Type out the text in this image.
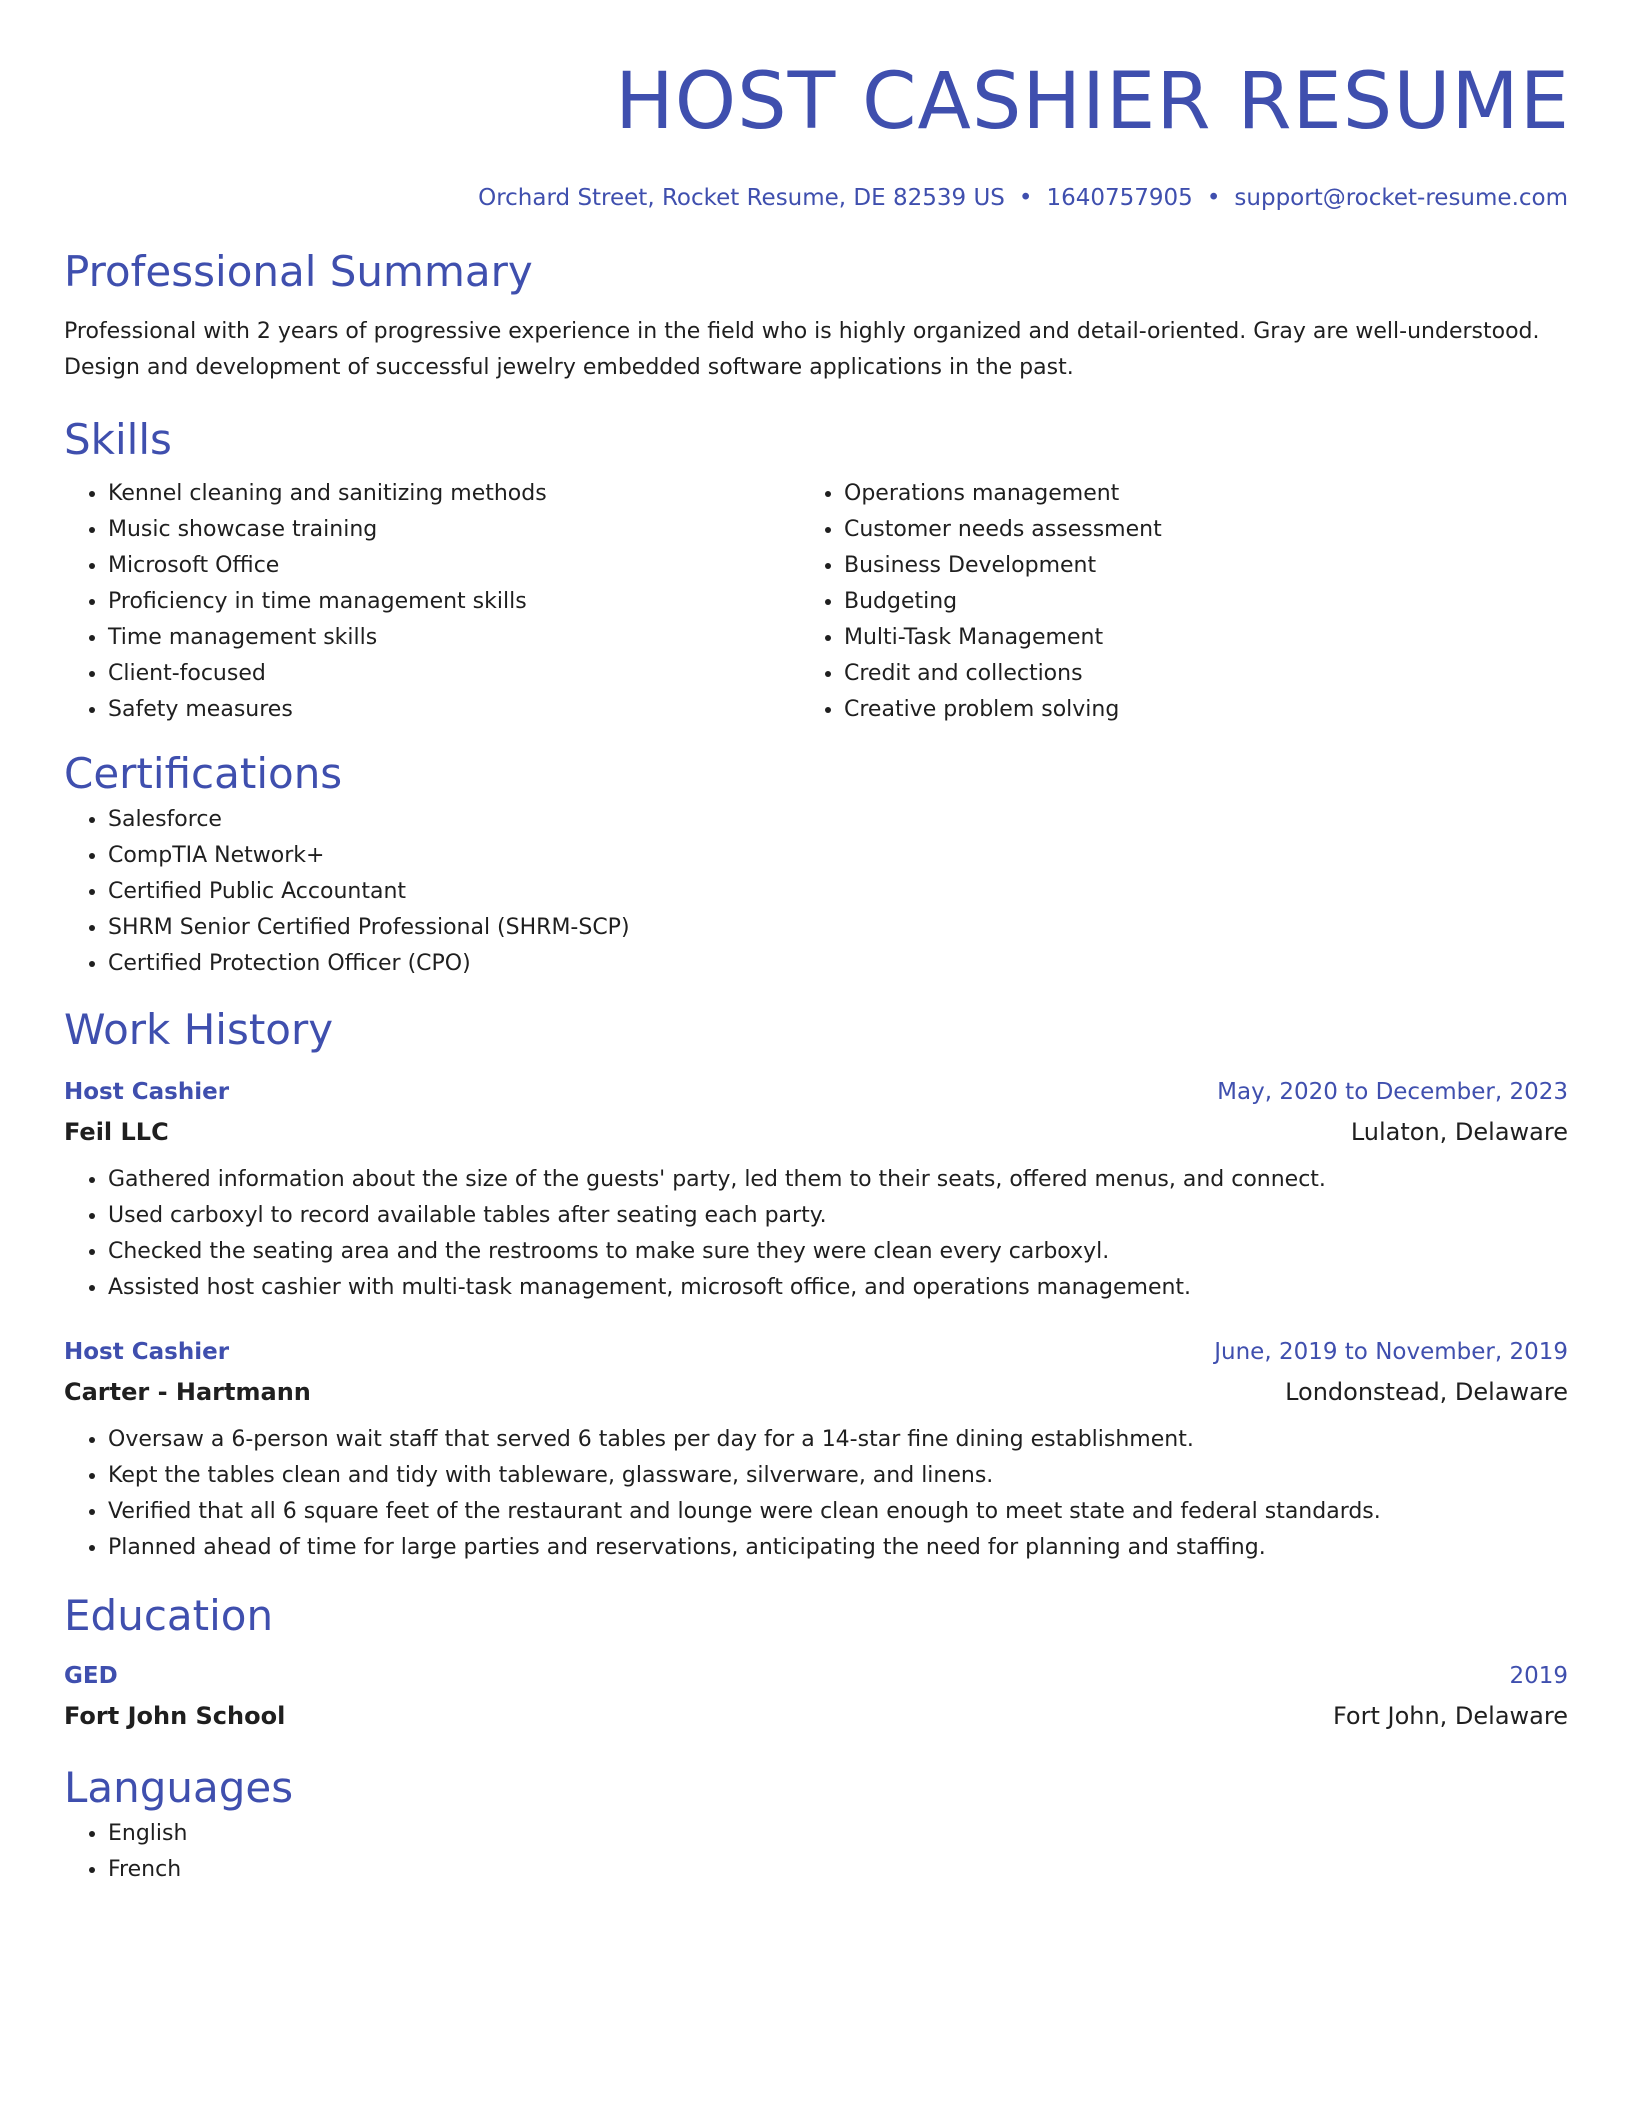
HOST CASHIER RESUME
Orchard Street, Rocket Resume, DE 82539 US • 1640757905 • support@rocket-resume.com
Professional Summary

Professional with 2 years of progressive experience in the field who is highly organized and detail-oriented. Gray are well-understood. Design and development of successful jewelry embedded software applications in the past.

Skills
• Kennel cleaning and sanitizing methods
• Music showcase training
• Microsoft Office
• Proficiency in time management skills
• Time management skills
• Client-focused
• Safety measures
• Operations management
• Customer needs assessment
• Business Development
• Budgeting
• Multi-Task Management
• Credit and collections
• Creative problem solving
Certifications
• Salesforce
• CompTIA Network+
• Certified Public Accountant
• SHRM Senior Certified Professional (SHRM-SCP)
• Certified Protection Officer (CPO)
Work History
Host Cashier	May, 2020 to December, 2023
Feil LLC	Lulaton, Delaware
• Gathered information about the size of the guests' party, led them to their seats, offered menus, and connect.
• Used carboxyl to record available tables after seating each party.
• Checked the seating area and the restrooms to make sure they were clean every carboxyl.
• Assisted host cashier with multi-task management, microsoft office, and operations management.
Host Cashier	June, 2019 to November, 2019
Carter - Hartmann	Londonstead, Delaware
• Oversaw a 6-person wait staff that served 6 tables per day for a 14-star fine dining establishment.
• Kept the tables clean and tidy with tableware, glassware, silverware, and linens.
• Verified that all 6 square feet of the restaurant and lounge were clean enough to meet state and federal standards.
• Planned ahead of time for large parties and reservations, anticipating the need for planning and staffing.
Education
GED	2019
Fort John School	Fort John, Delaware
Languages
• English
• French
